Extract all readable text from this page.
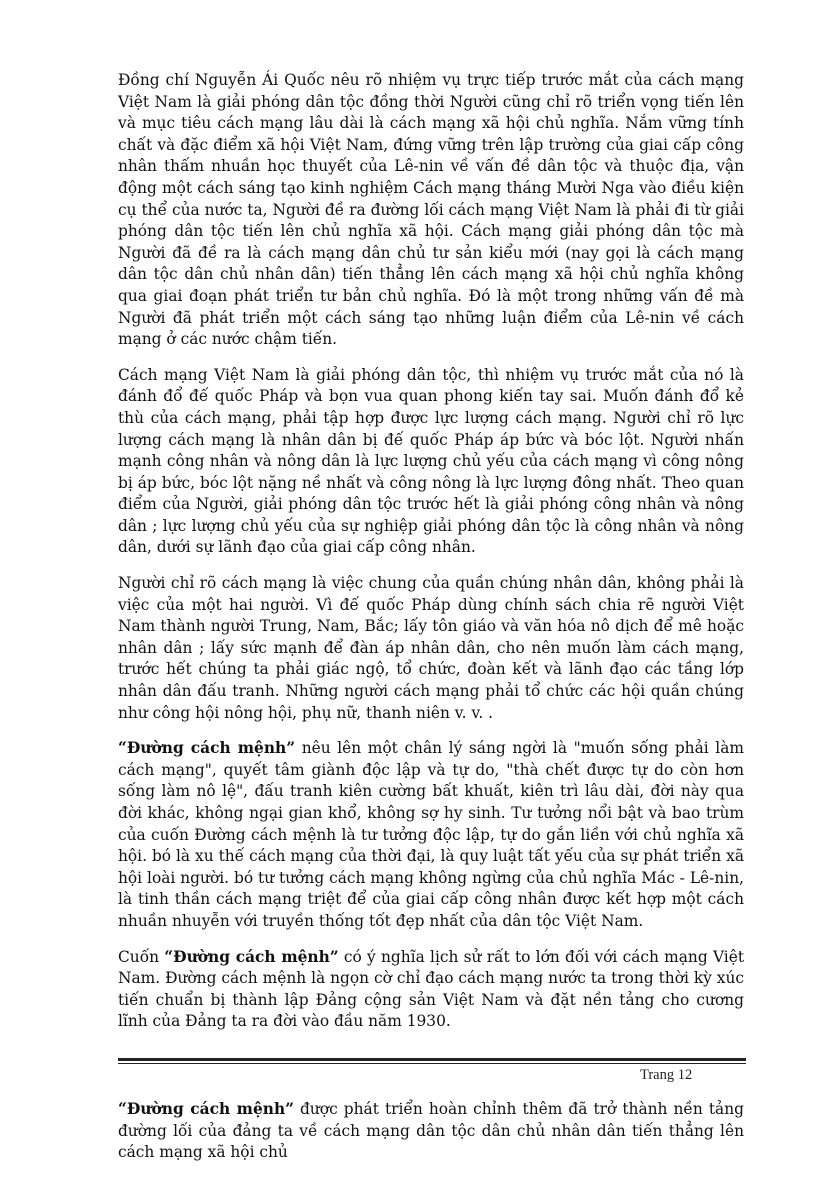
Đồng chí Nguyễn Ái Quốc nêu rõ nhiệm vụ trực tiếp trước mắt của cách mạng Việt Nam là giải phóng dân tộc đồng thời Người cũng chỉ rõ triển vọng tiến lên và mục tiêu cách mạng lâu dài là cách mạng xã hội chủ nghĩa. Nắm vững tính chất và đặc điểm xã hội Việt Nam, đứng vững trên lập trường của giai cấp công nhân thấm nhuần học thuyết của Lê-nin về vấn đề dân tộc và thuộc địa, vận động một cách sáng tạo kinh nghiệm Cách mạng tháng Mười Nga vào điều kiện cụ thể của nước ta, Người đề ra đường lối cách mạng Việt Nam là phải đi từ giải phóng dân tộc tiến lên chủ nghĩa xã hội. Cách mạng giải phóng dân tộc mà Người đã đề ra là cách mạng dân chủ tư sản kiểu mới (nay gọi là cách mạng dân tộc dân chủ nhân dân) tiến thẳng lên cách mạng xã hội chủ nghĩa không qua giai đoạn phát triển tư bản chủ nghĩa. Đó là một trong những vấn đề mà Người đã phát triển một cách sáng tạo những luận điểm của Lê-nin về cách mạng ở các nước chậm tiến.

Cách mạng Việt Nam là giải phóng dân tộc, thì nhiệm vụ trước mắt của nó là đánh đổ đế quốc Pháp và bọn vua quan phong kiến tay sai. Muốn đánh đổ kẻ thù của cách mạng, phải tập hợp được lực lượng cách mạng. Người chỉ rõ lực lượng cách mạng là nhân dân bị đế quốc Pháp áp bức và bóc lột. Người nhấn mạnh công nhân và nông dân là lực lượng chủ yếu của cách mạng vì công nông bị áp bức, bóc lột nặng nề nhất và công nông là lực lượng đông nhất. Theo quan điểm của Người, giải phóng dân tộc trước hết là giải phóng công nhân và nông dân ; lực lượng chủ yếu của sự nghiệp giải phóng dân tộc là công nhân và nông dân, dưới sự lãnh đạo của giai cấp công nhân.

Người chỉ rõ cách mạng là việc chung của quần chúng nhân dân, không phải là việc của một hai người. Vì đế quốc Pháp dùng chính sách chia rẽ người Việt Nam thành người Trung, Nam, Bắc; lấy tôn giáo và văn hóa nô dịch để mê hoặc nhân dân ; lấy sức mạnh để đàn áp nhân dân, cho nên muốn làm cách mạng, trước hết chúng ta phải giác ngộ, tổ chức, đoàn kết và lãnh đạo các tầng lớp nhân dân đấu tranh. Những người cách mạng phải tổ chức các hội quần chúng như công hội nông hội, phụ nữ, thanh niên v. v. .

“Đường cách mệnh” nêu lên một chân lý sáng ngời là "muốn sống phải làm cách mạng", quyết tâm giành độc lập và tự do, "thà chết được tự do còn hơn sống làm nô lệ", đấu tranh kiên cường bất khuất, kiên trì lâu dài, đời này qua đời khác, không ngại gian khổ, không sợ hy sinh. Tư tưởng nổi bật và bao trùm của cuốn Đường cách mệnh là tư tưởng độc lập, tự do gắn liền với chủ nghĩa xã hội. bó là xu thế cách mạng của thời đại, là quy luật tất yếu của sự phát triển xã hội loài người. bó tư tưởng cách mạng không ngừng của chủ nghĩa Mác - Lê-nin, là tinh thần cách mạng triệt để của giai cấp công nhân được kết hợp một cách nhuần nhuyễn với truyền thống tốt đẹp nhất của dân tộc Việt Nam.

Cuốn “Đường cách mệnh” có ý nghĩa lịch sử rất to lớn đối với cách mạng Việt Nam. Đường cách mệnh là ngọn cờ chỉ đạo cách mạng nước ta trong thời kỳ xúc tiến chuẩn bị thành lập Đảng cộng sản Việt Nam và đặt nền tảng cho cương lĩnh của Đảng ta ra đời vào đầu năm 1930.

“Đường cách mệnh” được phát triển hoàn chỉnh thêm đã trở thành nền tảng đường lối của đảng ta về cách mạng dân tộc dân chủ nhân dân tiến thẳng lên cách mạng xã hội chủ

Trang 12
